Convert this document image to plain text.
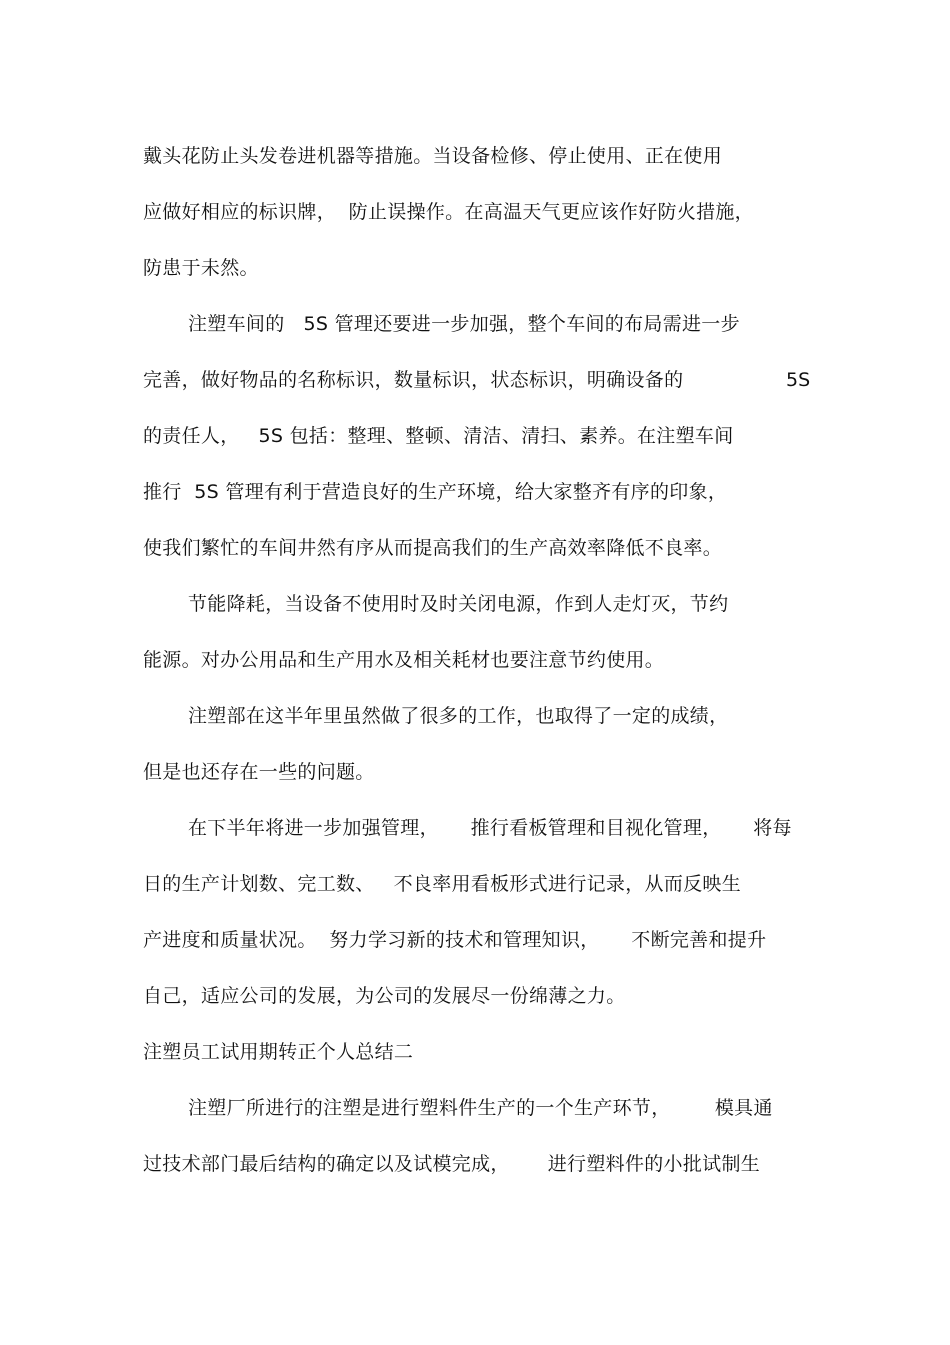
戴头花防止头发卷进机器等措施。当设备检修、停止使用、正在使用
应做好相应的标识牌，  防止误操作。在高温天气更应该作好防火措施，
防患于未然。
注塑车间的   5S 管理还要进一步加强，整个车间的布局需进一步
完善，做好物品的名称标识，数量标识，状态标识，明确设备的	5S
的责任人，   5S 包括：整理、整顿、清洁、清扫、素养。在注塑车间
推行  5S 管理有利于营造良好的生产环境，给大家整齐有序的印象，
使我们繁忙的车间井然有序从而提高我们的生产高效率降低不良率。
节能降耗，当设备不使用时及时关闭电源，作到人走灯灭，节约
能源。对办公用品和生产用水及相关耗材也要注意节约使用。
注塑部在这半年里虽然做了很多的工作，也取得了一定的成绩，
但是也还存在一些的问题。
在下半年将进一步加强管理，     推行看板管理和目视化管理，     将每
日的生产计划数、完工数、   不良率用看板形式进行记录，从而反映生
产进度和质量状况。  努力学习新的技术和管理知识，     不断完善和提升
自己，适应公司的发展，为公司的发展尽一份绵薄之力。
注塑员工试用期转正个人总结二
注塑厂所进行的注塑是进行塑料件生产的一个生产环节，       模具通
过技术部门最后结构的确定以及试模完成，      进行塑料件的小批试制生
